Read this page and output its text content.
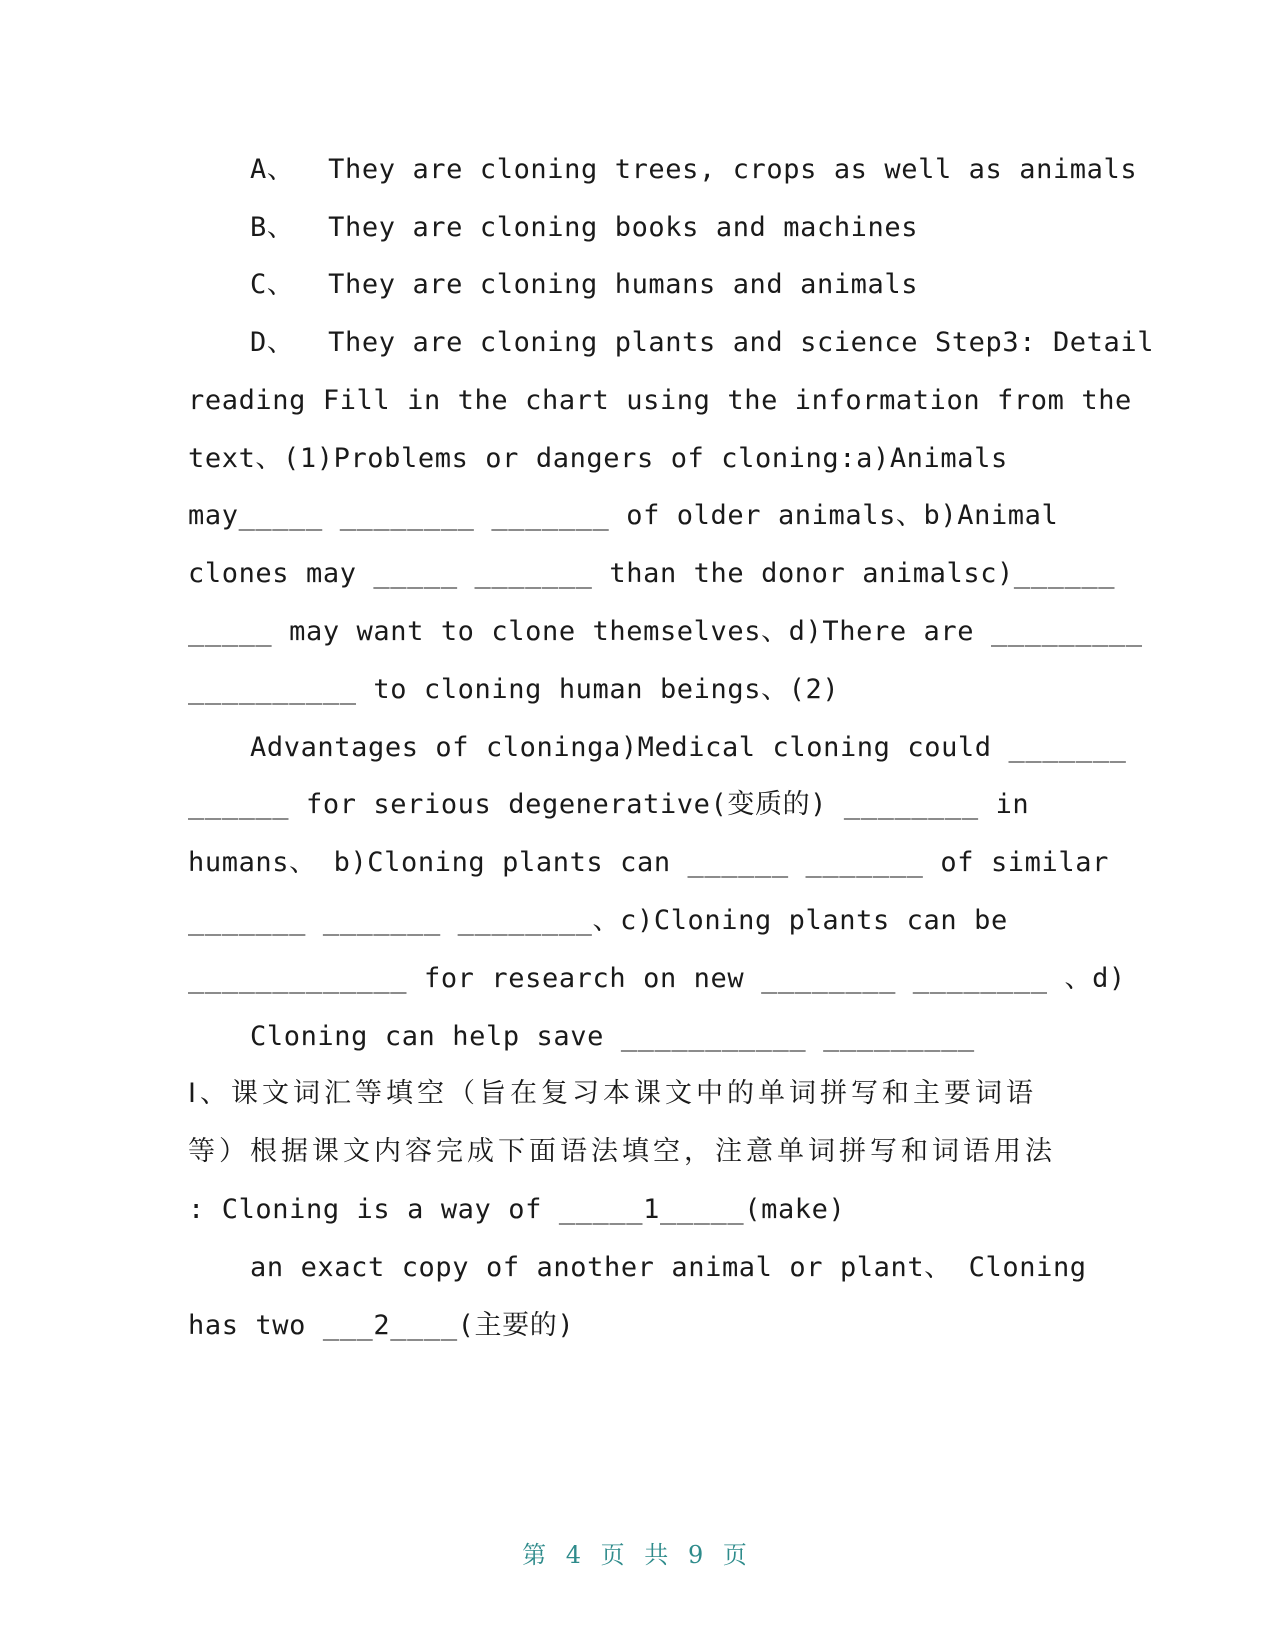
A、  They are cloning trees, crops as well as animals

B、  They are cloning books and machines

C、  They are cloning humans and animals

D、  They are cloning plants and science Step3: Detail

reading Fill in the chart using the information from the

text、(1)Problems or dangers of cloning:a)Animals

may_____ ________ _______ of older animals、b)Animal

clones may _____ _______ than the donor animalsc)______

_____ may want to clone themselves、d)There are _________

__________ to cloning human beings、(2)

Advantages of cloninga)Medical cloning could _______

______ for serious degenerative(变质的) ________ in

humans、 b)Cloning plants can ______ _______ of similar

_______ _______ ________、c)Cloning plants can be

_____________ for research on new ________ ________ 、d)

Cloning can help save ___________ _________

Ⅰ、课文词汇等填空（旨在复习本课文中的单词拼写和主要词语

等）根据课文内容完成下面语法填空，注意单词拼写和词语用法

: Cloning is a way of _____1_____(make)

an exact copy of another animal or plant、 Cloning

has two ___2____(主要的)

第 4 页 共 9 页
